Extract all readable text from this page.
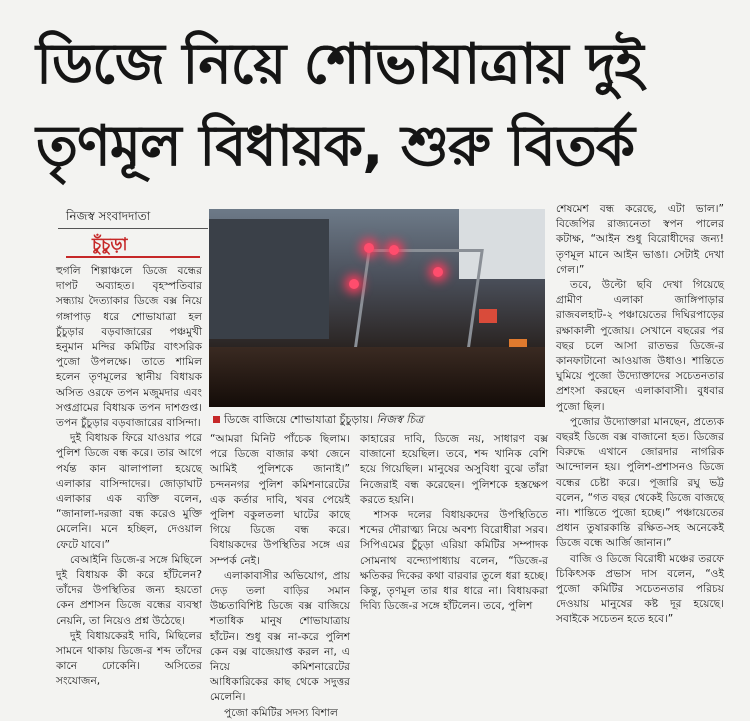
ডিজে নিয়ে শোভাযাত্রায় দুই
তৃণমূল বিধায়ক, শুরু বিতর্ক
নিজস্ব সংবাদদাতা
চুঁচুড়া
ডিজে বাজিয়ে শোভাযাত্রা চুঁচুড়ায়। নিজস্ব চিত্র

হুগলি শিল্পাঞ্চলে ডিজে বন্ধের দাপট অব্যাহত। বৃহস্পতিবার সন্ধ্যায় দৈত্যাকার ডিজে বক্স নিয়ে গঙ্গাপাড় ধরে শোভাযাত্রা হল চুঁচুড়ার বড়বাজারের পঞ্চমুখী হনুমান মন্দির কমিটির বাৎসরিক পুজো উপলক্ষে। তাতে শামিল হলেন তৃণমূলের স্থানীয় বিধায়ক অসিত ওরফে তপন মজুমদার এবং সপ্তগ্রামের বিধায়ক তপন দাশগুপ্ত। তপন চুঁচুড়ার বড়বাজারের বাসিন্দা।

দুই বিধায়ক ফিরে যাওয়ার পরে পুলিশ ডিজে বন্ধ করে। তার আগে পর্যন্ত কান ঝালাপালা হয়েছে এলাকার বাসিন্দাদের। জোড়াঘাট এলাকার এক ব্যক্তি বলেন, “জানালা-দরজা বন্ধ করেও মুক্তি মেলেনি। মনে হচ্ছিল, দেওয়াল ফেটে যাবে।”

বেআইনি ডিজে-র সঙ্গে মিছিলে দুই বিধায়ক কী করে হাঁটলেন? তাঁদের উপস্থিতির জন্য হয়তো কেন প্রশাসন ডিজে বন্ধের ব্যবস্থা নেয়নি, তা নিয়েও প্রশ্ন উঠেছে।

দুই বিধায়কেরই দাবি, মিছিলের সামনে থাকায় ডিজে-র শব্দ তাঁদের কানে ঢোকেনি। অসিতের সংযোজন,

“আমরা মিনিট পাঁচেক ছিলাম। পরে ডিজে বাজার কথা জেনে আমিই পুলিশকে জানাই।” চন্দননগর পুলিশ কমিশনারেটের এক কর্তার দাবি, খবর পেয়েই পুলিশ বকুলতলা ঘাটের কাছে গিয়ে ডিজে বন্ধ করে। বিধায়কদের উপস্থিতির সঙ্গে এর সম্পর্ক নেই।

এলাকাবাসীর অভিযোগ, প্রায় দেড় তলা বাড়ির সমান উচ্চতাবিশিষ্ট ডিজে বক্স বাজিয়ে শতাধিক মানুষ শোভাযাত্রায় হাঁটেন। শুধু বক্স না-করে পুলিশ কেন বক্স বাজেয়াপ্ত করল না, এ নিয়ে কমিশনারেটের আধিকারিকের কাছ থেকে সদুত্তর মেলেনি।

পুজো কমিটির সদস্য বিশাল

কাহারের দাবি, ডিজে নয়, সাধারণ বক্স বাজানো হয়েছিল। তবে, শব্দ খানিক বেশি হয়ে গিয়েছিল। মানুষের অসুবিধা বুঝে তাঁরা নিজেরাই বন্ধ করেছেন। পুলিশকে হস্তক্ষেপ করতে হয়নি।

শাসক দলের বিধায়কদের উপস্থিতিতে শব্দের দৌরাত্ম্য নিয়ে অবশ্য বিরোধীরা সরব। সিপিএমের চুঁচুড়া এরিয়া কমিটির সম্পাদক সোমনাথ বন্দ্যোপাধ্যায় বলেন, “ডিজে-র ক্ষতিকর দিকের কথা বারবার তুলে ধরা হচ্ছে। কিন্তু, তৃণমূল তার ধার ধারে না। বিধায়করা দিব্যি ডিজে-র সঙ্গে হাঁটলেন। তবে, পুলিশ

শেষমেশ বন্ধ করেছে, এটা ভাল।” বিজেপির রাজ্যনেতা স্বপন পালের কটাক্ষ, “আইন শুধু বিরোধীদের জন্য! তৃণমূল মানে আইন ভাঙা। সেটাই দেখা গেল।”

তবে, উল্টো ছবি দেখা গিয়েছে গ্রামীণ এলাকা জাঙ্গিপাড়ার রাজবলহাট-২ পঞ্চায়েতের দিঘিরপাড়ের রক্ষাকালী পুজোয়। সেখানে বছরের পর বছর চলে আসা রাতভর ডিজে-র কানফাটানো আওয়াজ উধাও। শান্তিতে ঘুমিয়ে পুজো উদ্যোক্তাদের সচেতনতার প্রশংসা করছেন এলাকাবাসী। বুধবার পুজো ছিল।

পুজোর উদ্যোক্তারা মানছেন, প্রত্যেক বছরই ডিজে বক্স বাজানো হত। ডিজের বিরুদ্ধে এখানে জোরদার নাগরিক আন্দোলন হয়। পুলিশ-প্রশাসনও ডিজে বন্ধের চেষ্টা করে। পূজারি রঘু ভট্ট বলেন, “গত বছর থেকেই ডিজে বাজছে না। শান্তিতে পুজো হচ্ছে।” পঞ্চায়েতের প্রধান তুষারকান্তি রক্ষিত-সহ অনেকেই ডিজে বন্ধে আর্জি জানান।”

বাজি ও ডিজে বিরোধী মঞ্চের তরফে চিকিৎসক প্রভাস দাস বলেন, “ওই পুজো কমিটির সচেতনতার পরিচয় দেওয়ায় মানুষের কষ্ট দূর হয়েছে। সবাইকে সচেতন হতে হবে।”
